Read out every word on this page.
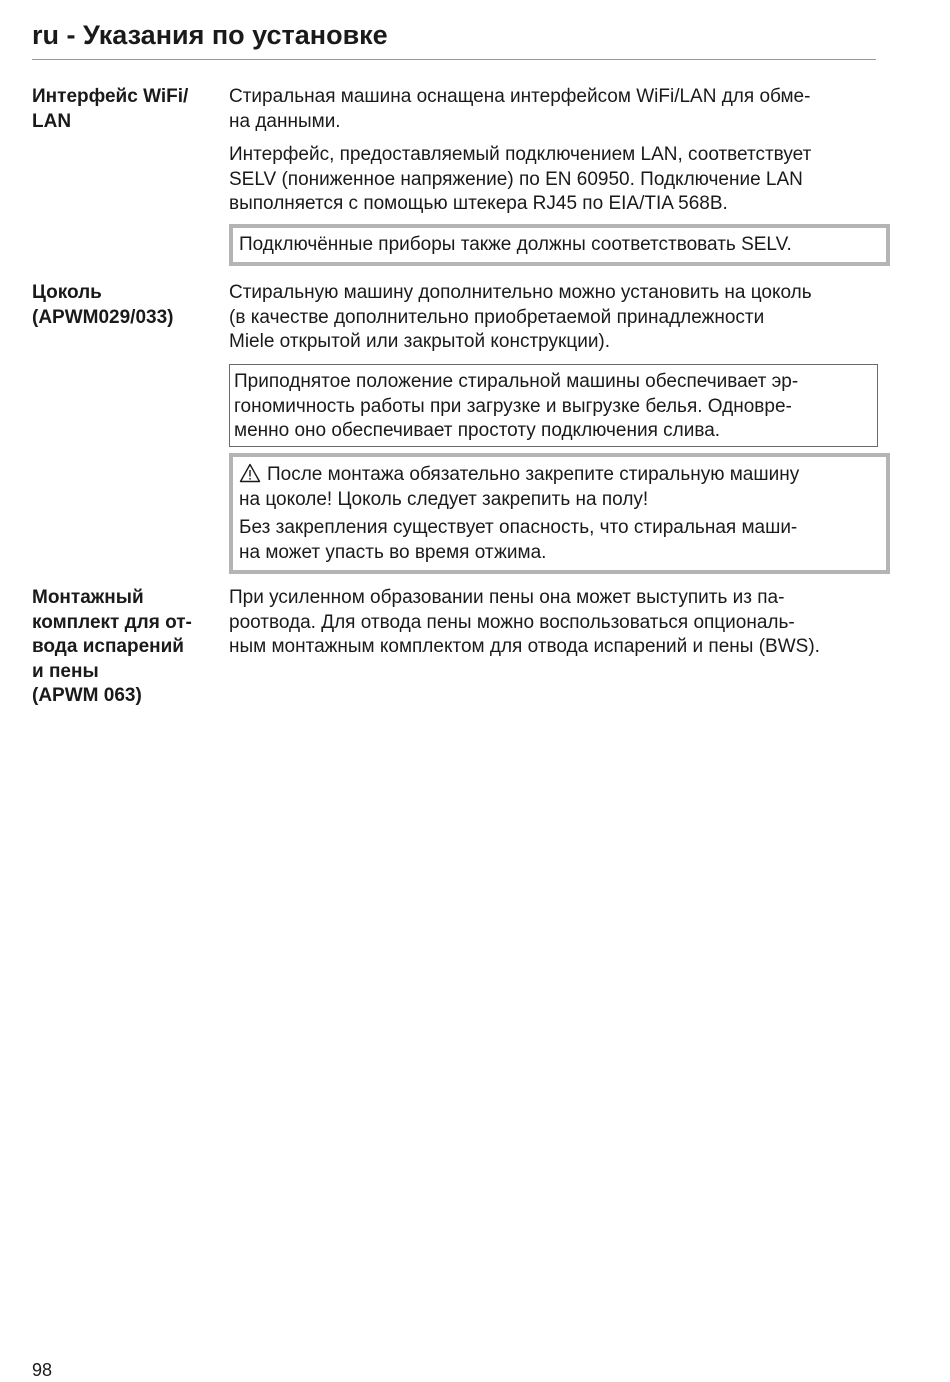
ru - Указания по установке
Интерфейс WiFi/
LAN

Стиральная машина оснащена интерфейсом WiFi/LAN для обме-
на данными.

Интерфейс, предоставляемый подключением LAN, соответствует
SELV (пониженное напряжение) по EN 60950. Подключение LAN
выполняется с помощью штекера RJ45 по EIA/TIA 568B.

Подключённые приборы также должны соответствовать SELV.
Цоколь
(APWM029/033)

Стиральную машину дополнительно можно установить на цоколь
(в качестве дополнительно приобретаемой принадлежности
Miele открытой или закрытой конструкции).

Приподнятое положение стиральной машины обеспечивает эр-
гономичность работы при загрузке и выгрузке белья. Одновре-
менно оно обеспечивает простоту подключения слива.
После монтажа обязательно закрепите стиральную машину
на цоколе! Цоколь следует закрепить на полу!
Без закрепления существует опасность, что стиральная маши-
на может упасть во время отжима.
Монтажный
комплект для от-
вода испарений
и пены
(APWM 063)

При усиленном образовании пены она может выступить из па-
роотвода. Для отвода пены можно воспользоваться опциональ-
ным монтажным комплектом для отвода испарений и пены (BWS).

98
